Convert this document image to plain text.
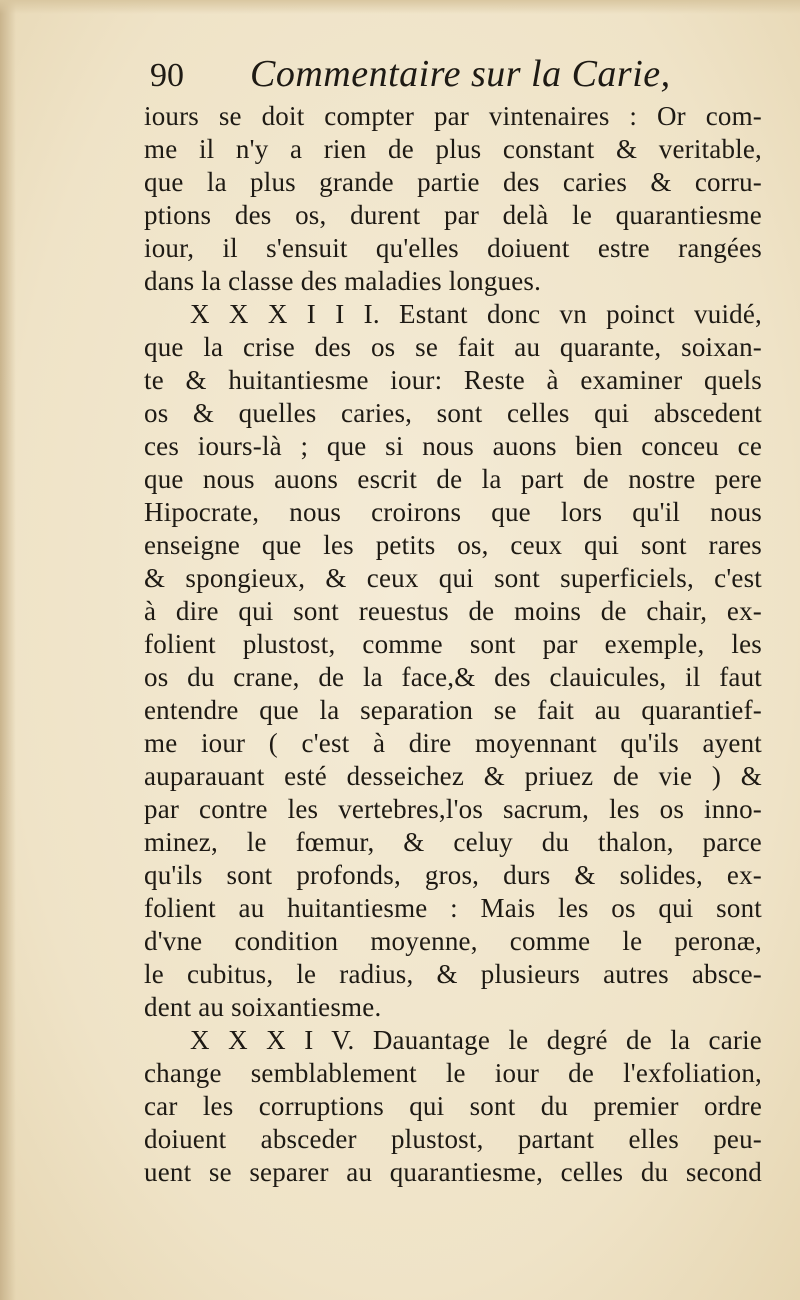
90 Commentaire sur la Carie,
iours se doit compter par vintenaires : Or com-
me il n'y a rien de plus constant & veritable,
que la plus grande partie des caries & corru-
ptions des os, durent par delà le quarantiesme
iour, il s'ensuit qu'elles doiuent estre rangées
dans la classe des maladies longues.
X X X I I I. Estant donc vn poinct vuidé,
que la crise des os se fait au quarante, soixan-
te & huitantiesme iour: Reste à examiner quels
os & quelles caries, sont celles qui abscedent
ces iours-là ; que si nous auons bien conceu ce
que nous auons escrit de la part de nostre pere
Hipocrate, nous croirons que lors qu'il nous
enseigne que les petits os, ceux qui sont rares
& spongieux, & ceux qui sont superficiels, c'est
à dire qui sont reuestus de moins de chair, ex-
folient plustost, comme sont par exemple, les
os du crane, de la face,& des clauicules, il faut
entendre que la separation se fait au quarantief-
me iour ( c'est à dire moyennant qu'ils ayent
auparauant esté desseichez & priuez de vie ) &
par contre les vertebres,l'os sacrum, les os inno-
minez, le fœmur, & celuy du thalon, parce
qu'ils sont profonds, gros, durs & solides, ex-
folient au huitantiesme : Mais les os qui sont
d'vne condition moyenne, comme le peronæ,
le cubitus, le radius, & plusieurs autres absce-
dent au soixantiesme.
X X X I V. Dauantage le degré de la carie
change semblablement le iour de l'exfoliation,
car les corruptions qui sont du premier ordre
doiuent absceder plustost, partant elles peu-
uent se separer au quarantiesme, celles du second
